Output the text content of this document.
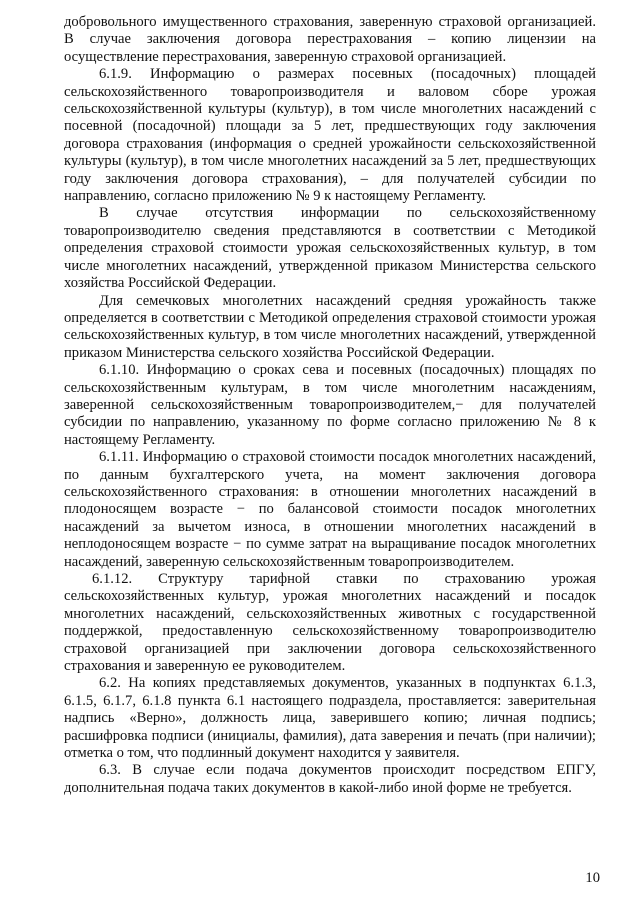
добровольного имущественного страхования, заверенную страховой организацией. В случае заключения договора перестрахования – копию лицензии на осуществление перестрахования, заверенную страховой организацией.

6.1.9. Информацию о размерах посевных (посадочных) площадей сельскохозяйственного товаропроизводителя и валовом сборе урожая сельскохозяйственной культуры (культур), в том числе многолетних насаждений с посевной (посадочной) площади за 5 лет, предшествующих году заключения договора страхования (информация о средней урожайности сельскохозяйственной культуры (культур), в том числе многолетних насаждений за 5 лет, предшествующих году заключения договора страхования), – для получателей субсидии по направлению, согласно приложению № 9 к настоящему Регламенту.

В случае отсутствия информации по сельскохозяйственному товаропроизводителю сведения представляются в соответствии с Методикой определения страховой стоимости урожая сельскохозяйственных культур, в том числе многолетних насаждений, утвержденной приказом Министерства сельского хозяйства Российской Федерации.

Для семечковых многолетних насаждений средняя урожайность также определяется в соответствии с Методикой определения страховой стоимости урожая сельскохозяйственных культур, в том числе многолетних насаждений, утвержденной приказом Министерства сельского хозяйства Российской Федерации.

6.1.10. Информацию о сроках сева и посевных (посадочных) площадях по сельскохозяйственным культурам, в том числе многолетним насаждениям, заверенной сельскохозяйственным товаропроизводителем,− для получателей субсидии по направлению, указанному по форме согласно приложению № 8 к настоящему Регламенту.

6.1.11. Информацию о страховой стоимости посадок многолетних насаждений, по данным бухгалтерского учета, на момент заключения договора сельскохозяйственного страхования: в отношении многолетних насаждений в плодоносящем возрасте − по балансовой стоимости посадок многолетних насаждений за вычетом износа, в отношении многолетних насаждений в неплодоносящем возрасте − по сумме затрат на выращивание посадок многолетних насаждений, заверенную сельскохозяйственным товаропроизводителем.

6.1.12. Структуру тарифной ставки по страхованию урожая сельскохозяйственных культур, урожая многолетних насаждений и посадок многолетних насаждений, сельскохозяйственных животных с государственной поддержкой, предоставленную сельскохозяйственному товаропроизводителю страховой организацией при заключении договора сельскохозяйственного страхования и заверенную ее руководителем.

6.2. На копиях представляемых документов, указанных в подпунктах 6.1.3, 6.1.5, 6.1.7, 6.1.8 пункта 6.1 настоящего подраздела, проставляется: заверительная надпись «Верно», должность лица, заверившего копию; личная подпись; расшифровка подписи (инициалы, фамилия), дата заверения и печать (при наличии); отметка о том, что подлинный документ находится у заявителя.

6.3. В случае если подача документов происходит посредством ЕПГУ, дополнительная подача таких документов в какой-либо иной форме не требуется.

10
